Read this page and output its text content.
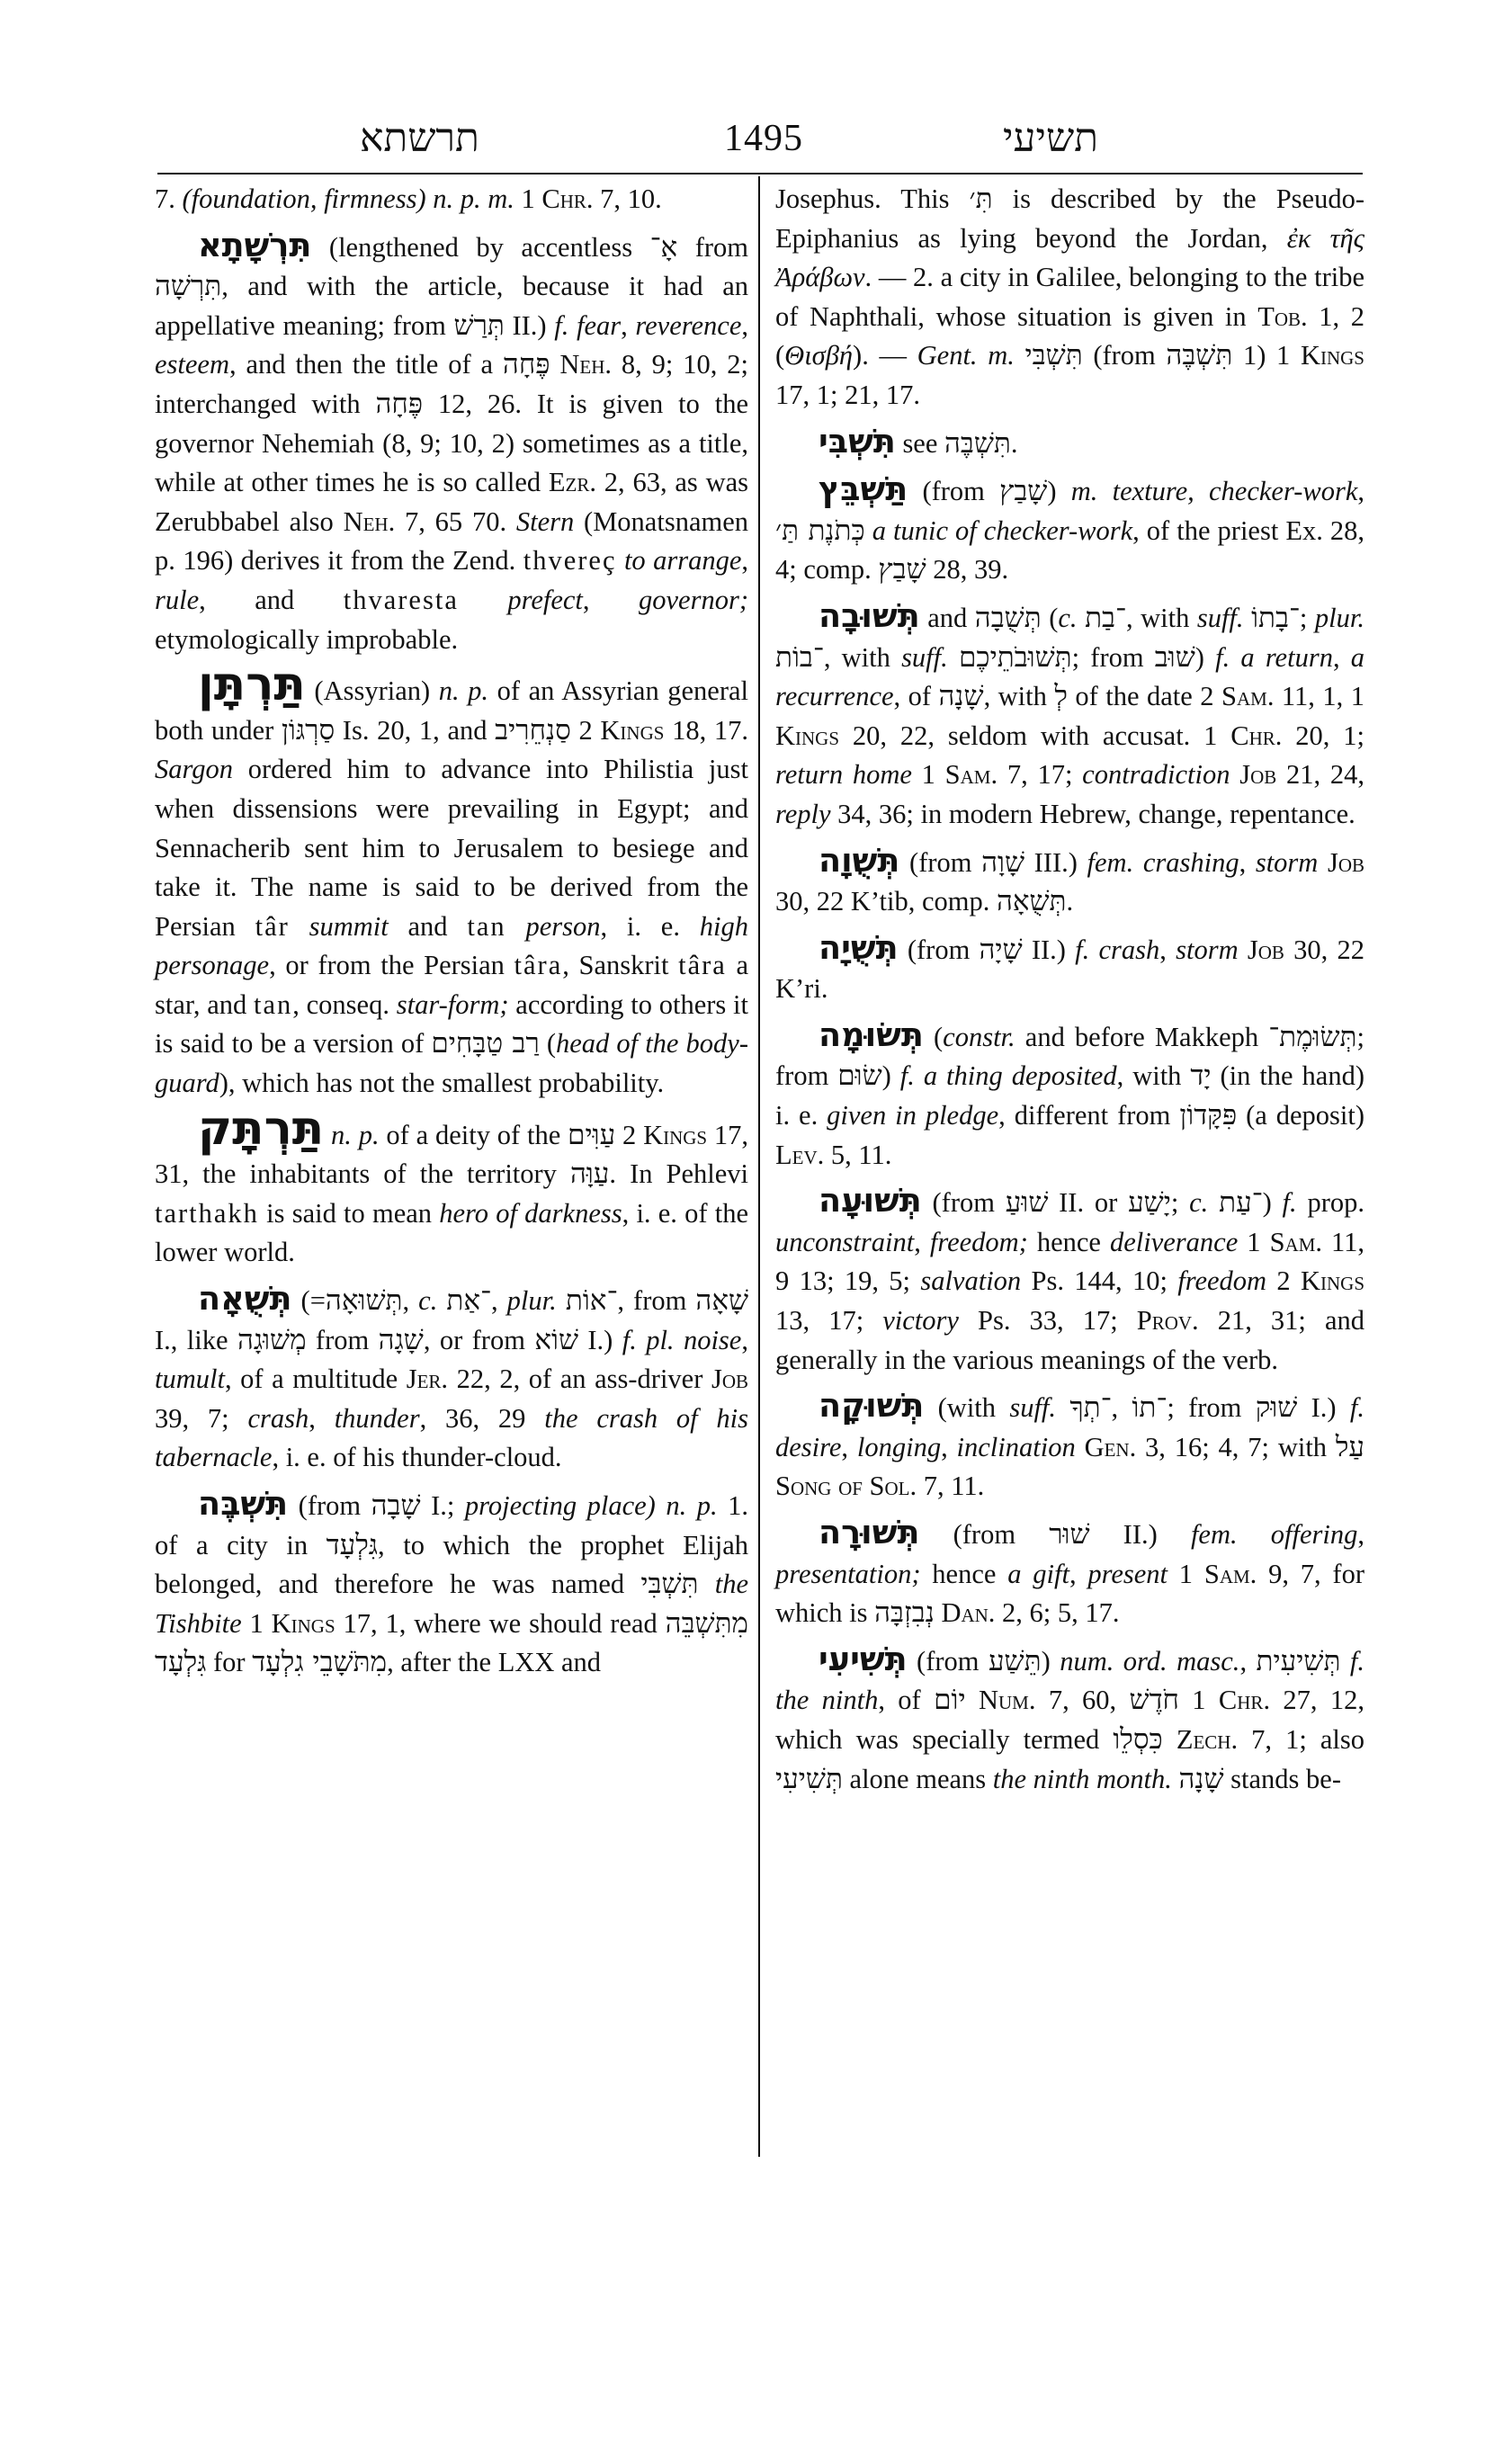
תרשתא	1495	תשיעי

7. (foundation, firmness) n. p. m. 1 Chr. 7, 10.

תִּרְשָׁתָא (lengthened by accentless אָ־ from תִּרְשָׁה, and with the article, because it had an appellative meaning; from תְּרַשׁ II.) f. fear, reverence, esteem, and then the title of a פֶּחָה Neh. 8, 9; 10, 2; interchanged with פֶּחָה 12, 26. It is given to the governor Nehemiah (8, 9; 10, 2) sometimes as a title, while at other times he is so called Ezr. 2, 63, as was Zerubbabel also Neh. 7, 65 70. Stern (Monatsnamen p. 196) derives it from the Zend. thvereç to arrange, rule, and thvaresta prefect, governor; etymologically improbable.

תַּרְתָּן (Assyrian) n. p. of an Assyrian general both under סַרְגּוֹן Is. 20, 1, and סַנְחֵרִיב 2 Kings 18, 17. Sargon ordered him to advance into Philistia just when dissensions were prevailing in Egypt; and Sennacherib sent him to Jerusalem to besiege and take it. The name is said to be derived from the Persian târ summit and tan person, i. e. high personage, or from the Persian târa, Sanskrit târa a star, and tan, conseq. star-form; according to others it is said to be a version of רַב טַבָּחִים (head of the body-guard), which has not the smallest probability.

תַּרְתָּק n. p. of a deity of the עַוִּים 2 Kings 17, 31, the inhabitants of the territory עַוָּה. In Pehlevi tarthakh is said to mean hero of darkness, i. e. of the lower world.

תְּשֻׁאָה (=תְּשׁוּאָה, c. ־אַת, plur. ־אוֹת, from שָׁאָה I., like מְשׁוּגָה from שָׁגָה, or from שׁוֹא I.) f. pl. noise, tumult, of a multitude Jer. 22, 2, of an ass-driver Job 39, 7; crash, thunder, 36, 29 the crash of his tabernacle, i. e. of his thunder-cloud.

תִּשְׁבֶּה (from שָׁבָה I.; projecting place) n. p. 1. of a city in גִּלְעָד, to which the prophet Elijah belonged, and therefore he was named תִּשְׁבִּי the Tishbite 1 Kings 17, 1, where we should read מִתִּשְׁבֵּה גִּלְעָד for מִתֹּשָׁבֵי גִלְעָד, after the LXX and

Josephus. This תִּ׳ is described by the Pseudo-Epiphanius as lying beyond the Jordan, ἐκ τῆς Ἀράβων. — 2. a city in Galilee, belonging to the tribe of Naphthali, whose situation is given in Tob. 1, 2 (Θισβή). — Gent. m. תִּשְׁבִּי (from תִּשְׁבֶּה 1) 1 Kings 17, 1; 21, 17.

תִּשְׁבִּי see תִּשְׁבֶּה.

תַּשְׁבֵּץ (from שָׁבַץ) m. texture, checker-work, כְּתֹנֶת תַּ׳ a tunic of checker-work, of the priest Ex. 28, 4; comp. שָׁבַץ 28, 39.

תְּשׁוּבָה and תְּשֻׁבָה (c. ־בַת, with suff. ־בָתוֹ; plur. ־בוֹת, with suff. תְּשׁוּבֹתֵיכֶם; from שׁוּב) f. a return, a recurrence, of שָׁנָה, with לְ of the date 2 Sam. 11, 1, 1 Kings 20, 22, seldom with accusat. 1 Chr. 20, 1; return home 1 Sam. 7, 17; contradiction Job 21, 24, reply 34, 36; in modern Hebrew, change, repentance.

תְּשֻׁוָה (from שָׁוָה III.) fem. crashing, storm Job 30, 22 K’tib, comp. תְּשֻׁאָה.

תְּשֻׁיָה (from שָׁיָה II.) f. crash, storm Job 30, 22 K’ri.

תְּשׂוּמָה (constr. and before Makkeph תְּשׂוּמֶת־; from שׂוּם) f. a thing deposited, with יָד (in the hand) i. e. given in pledge, different from פִּקָּדוֹן (a deposit) Lev. 5, 11.

תְּשׁוּעָה (from שׁוּעַ II. or יָשַׁע; c. ־עַת) f. prop. unconstraint, freedom; hence deliverance 1 Sam. 11, 9 13; 19, 5; salvation Ps. 144, 10; freedom 2 Kings 13, 17; victory Ps. 33, 17; Prov. 21, 31; and generally in the various meanings of the verb.

תְּשׁוּקָה (with suff. ־תְךָ, ־תוֹ; from שׁוּק I.) f. desire, longing, inclination Gen. 3, 16; 4, 7; with עַל Song of Sol. 7, 11.

תְּשׁוּרָה (from שׁוּר II.) fem. offering, presentation; hence a gift, present 1 Sam. 9, 7, for which is נְבִזְבָּה Dan. 2, 6; 5, 17.

תְּשִׁיעִי (from תֵּשַׁע) num. ord. masc., תְּשִׁיעִית f. the ninth, of יוֹם Num. 7, 60, חֹדֶשׁ 1 Chr. 27, 12, which was specially termed כִּסְלֵו Zech. 7, 1; also תְּשִׁיעִי alone means the ninth month. שָׁנָה stands be-
